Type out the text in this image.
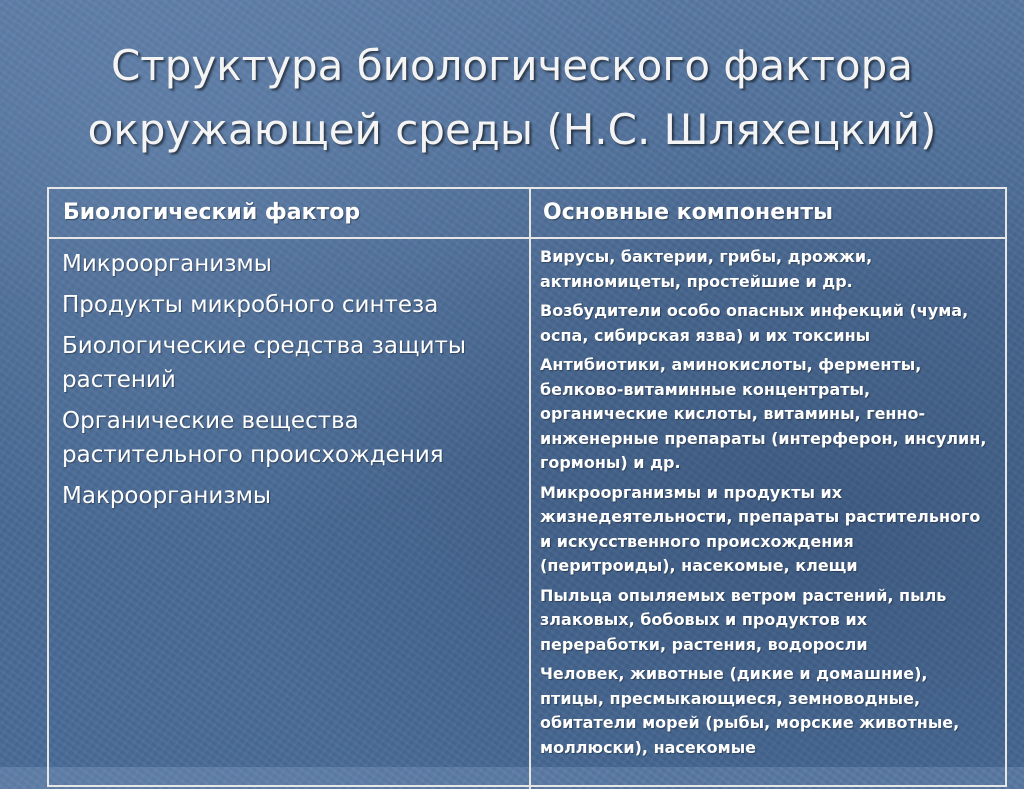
Структура биологического фактора
окружающей среды (Н.С. Шляхецкий)
Биологический фактор	Основные компоненты
Микроорганизмы
Продукты микробного синтеза
Биологические средства защиты растений
Органические вещества растительного происхождения
Макроорганизмы
Вирусы, бактерии, грибы, дрожжи, актиномицеты, простейшие и др.
Возбудители особо опасных инфекций (чума, оспа, сибирская язва) и их токсины
Антибиотики, аминокислоты, ферменты, белково-витаминные концентраты, органические кислоты, витамины, генно-инженерные препараты (интерферон, инсулин, гормоны) и др.
Микроорганизмы и продукты их жизнедеятельности, препараты растительного и искусственного происхождения (перитроиды), насекомые, клещи
Пыльца опыляемых ветром растений, пыль злаковых, бобовых и продуктов их переработки, растения, водоросли
Человек, животные (дикие и домашние), птицы, пресмыкающиеся, земноводные, обитатели морей (рыбы, морские животные, моллюски), насекомые
